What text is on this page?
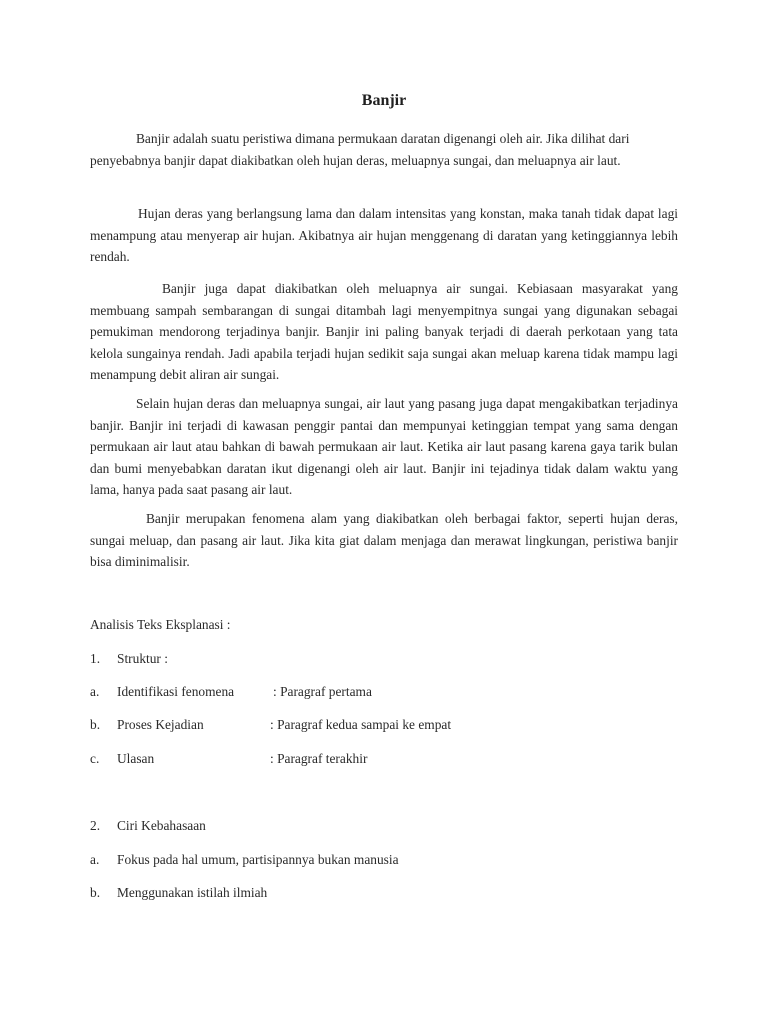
Banjir

Banjir adalah suatu peristiwa dimana permukaan daratan digenangi oleh air. Jika dilihat dari penyebabnya banjir dapat diakibatkan oleh hujan deras, meluapnya sungai, dan meluapnya air laut.

Hujan deras yang berlangsung lama dan dalam intensitas yang konstan, maka tanah tidak dapat lagi menampung atau menyerap air hujan. Akibatnya air hujan menggenang di daratan yang ketinggiannya lebih rendah.

Banjir juga dapat diakibatkan oleh meluapnya air sungai. Kebiasaan masyarakat yang membuang sampah sembarangan di sungai ditambah lagi menyempitnya sungai yang digunakan sebagai pemukiman mendorong terjadinya banjir. Banjir ini paling banyak terjadi di daerah perkotaan yang tata kelola sungainya rendah. Jadi apabila terjadi hujan sedikit saja sungai akan meluap karena tidak mampu lagi menampung debit aliran air sungai.

Selain hujan deras dan meluapnya sungai, air laut yang pasang juga dapat mengakibatkan terjadinya banjir. Banjir ini terjadi di kawasan penggir pantai dan mempunyai ketinggian tempat yang sama dengan permukaan air laut atau bahkan di bawah permukaan air laut. Ketika air laut pasang karena gaya tarik bulan dan bumi menyebabkan daratan ikut digenangi oleh air laut. Banjir ini tejadinya tidak dalam waktu yang lama, hanya pada saat pasang air laut.

Banjir merupakan fenomena alam yang diakibatkan oleh berbagai faktor, seperti hujan deras, sungai meluap, dan pasang air laut. Jika kita giat dalam menjaga dan merawat lingkungan, peristiwa banjir bisa diminimalisir.

Analisis Teks Eksplanasi :
1. Struktur :
a. Identifikasi fenomena	: Paragraf pertama
b. Proses Kejadian	: Paragraf kedua sampai ke empat
c. Ulasan	: Paragraf terakhir
2. Ciri Kebahasaan
a. Fokus pada hal umum, partisipannya bukan manusia
b. Menggunakan istilah ilmiah
